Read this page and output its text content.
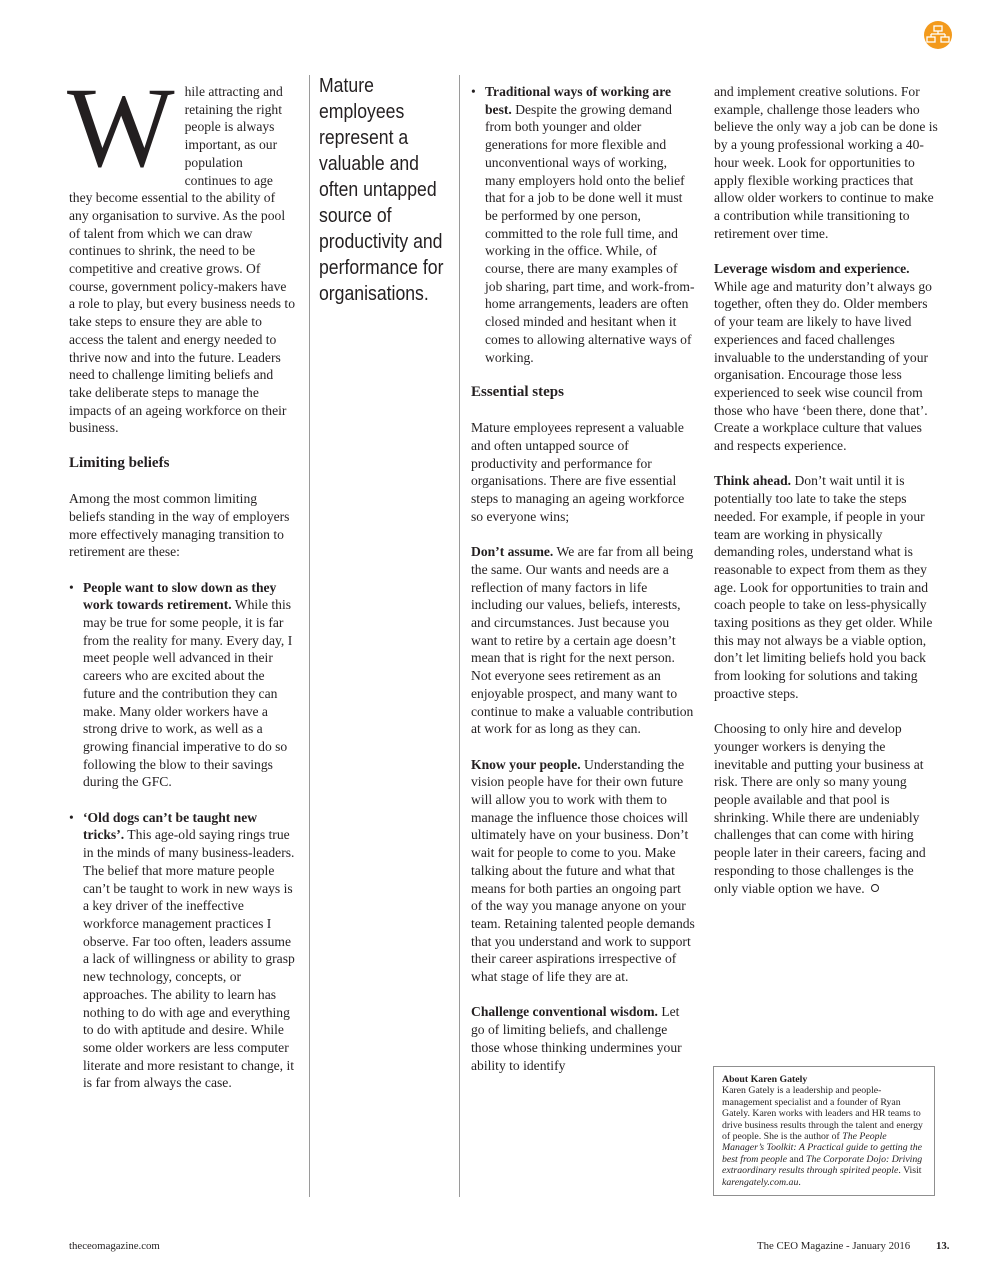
While attracting and retaining the right people is always important, as our population continues to age they become essential to the ability of any organisation to survive. As the pool of talent from which we can draw continues to shrink, the need to be competitive and creative grows. Of course, government policy-makers have a role to play, but every business needs to take steps to ensure they are able to access the talent and energy needed to thrive now and into the future. Leaders need to challenge limiting beliefs and take deliberate steps to manage the impacts of an ageing workforce on their business.

Limiting beliefs

Among the most common limiting beliefs standing in the way of employers more effectively managing transition to retirement are these:

• People want to slow down as they work towards retirement. While this may be true for some people, it is far from the reality for many. Every day, I meet people well advanced in their careers who are excited about the future and the contribution they can make. Many older workers have a strong drive to work, as well as a growing financial imperative to do so following the blow to their savings during the GFC.
• ‘Old dogs can’t be taught new tricks’. This age-old saying rings true in the minds of many business-leaders. The belief that more mature people can’t be taught to work in new ways is a key driver of the ineffective workforce management practices I observe. Far too often, leaders assume a lack of willingness or ability to grasp new technology, concepts, or approaches. The ability to learn has nothing to do with age and everything to do with aptitude and desire. While some older workers are less computer literate and more resistant to change, it is far from always the case.
Mature employees represent a valuable and often untapped source of productivity and performance for organisations.
• Traditional ways of working are best. Despite the growing demand from both younger and older generations for more flexible and unconventional ways of working, many employers hold onto the belief that for a job to be done well it must be performed by one person, committed to the role full time, and working in the office. While, of course, there are many examples of job sharing, part time, and work-from-home arrangements, leaders are often closed minded and hesitant when it comes to allowing alternative ways of working.
Essential steps

Mature employees represent a valuable and often untapped source of productivity and performance for organisations. There are five essential steps to managing an ageing workforce so everyone wins;

Don’t assume. We are far from all being the same. Our wants and needs are a reflection of many factors in life including our values, beliefs, interests, and circumstances. Just because you want to retire by a certain age doesn’t mean that is right for the next person. Not everyone sees retirement as an enjoyable prospect, and many want to continue to make a valuable contribution at work for as long as they can.

Know your people. Understanding the vision people have for their own future will allow you to work with them to manage the influence those choices will ultimately have on your business. Don’t wait for people to come to you. Make talking about the future and what that means for both parties an ongoing part of the way you manage anyone on your team. Retaining talented people demands that you understand and work to support their career aspirations irrespective of what stage of life they are at.

Challenge conventional wisdom. Let go of limiting beliefs, and challenge those whose thinking undermines your ability to identify

and implement creative solutions. For example, challenge those leaders who believe the only way a job can be done is by a young professional working a 40-hour week. Look for opportunities to apply flexible working practices that allow older workers to continue to make a contribution while transitioning to retirement over time.

Leverage wisdom and experience. While age and maturity don’t always go together, often they do. Older members of your team are likely to have lived experiences and faced challenges invaluable to the understanding of your organisation. Encourage those less experienced to seek wise council from those who have ‘been there, done that’. Create a workplace culture that values and respects experience.

Think ahead. Don’t wait until it is potentially too late to take the steps needed. For example, if people in your team are working in physically demanding roles, understand what is reasonable to expect from them as they age. Look for opportunities to train and coach people to take on less-physically taxing positions as they get older. While this may not always be a viable option, don’t let limiting beliefs hold you back from looking for solutions and taking proactive steps.

Choosing to only hire and develop younger workers is denying the inevitable and putting your business at risk. There are only so many young people available and that pool is shrinking. While there are undeniably challenges that can come with hiring people later in their careers, facing and responding to those challenges is the only viable option we have.

About Karen Gately
Karen Gately is a leadership and people-management specialist and a founder of Ryan Gately. Karen works with leaders and HR teams to drive business results through the talent and energy of people. She is the author of The People Manager’s Toolkit: A Practical guide to getting the best from people and The Corporate Dojo: Driving extraordinary results through spirited people. Visit karengately.com.au.
theceomagazine.com	The CEO Magazine - January 2016 13.
